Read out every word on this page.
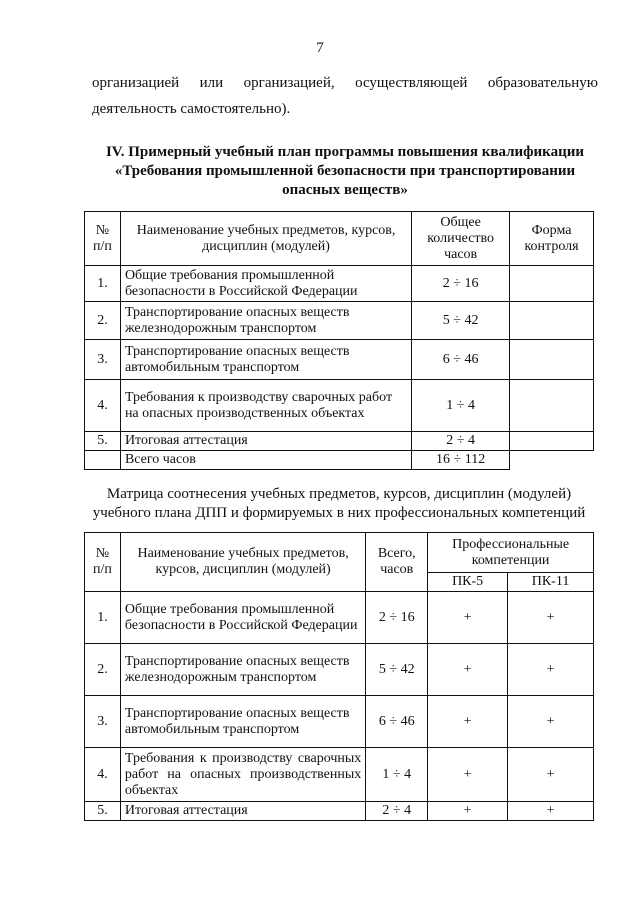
7
организацией или организацией, осуществляющей образовательную
деятельность самостоятельно).
IV. Примерный учебный план программы повышения квалификации
«Требования промышленной безопасности при транспортировании
опасных веществ»
№ п/п	Наименование учебных предметов, курсов, дисциплин (модулей)	Общее количество часов	Форма контроля
1.	Общие требования промышленной безопасности в Российской Федерации	2 ÷ 16	
2.	Транспортирование опасных веществ железнодорожным транспортом	5 ÷ 42	
3.	Транспортирование опасных веществ автомобильным транспортом	6 ÷ 46	
4.	Требования к производству сварочных работ на опасных производственных объектах	1 ÷ 4	
5.	Итоговая аттестация	2 ÷ 4	
	Всего часов	16 ÷ 112	
Матрица соотнесения учебных предметов, курсов, дисциплин (модулей)
учебного плана ДПП и формируемых в них профессиональных компетенций
№ п/п	Наименование учебных предметов, курсов, дисциплин (модулей)	Всего, часов	Профессиональные компетенции	
			ПК-5	ПК-11
1.	Общие требования промышленной безопасности в Российской Федерации	2 ÷ 16	+	+
2.	Транспортирование опасных веществ железнодорожным транспортом	5 ÷ 42	+	+
3.	Транспортирование опасных веществ автомобильным транспортом	6 ÷ 46	+	+
4.	Требования к производству сварочных работ на опасных производственных объектах	1 ÷ 4	+	+
5.	Итоговая аттестация	2 ÷ 4	+	+
